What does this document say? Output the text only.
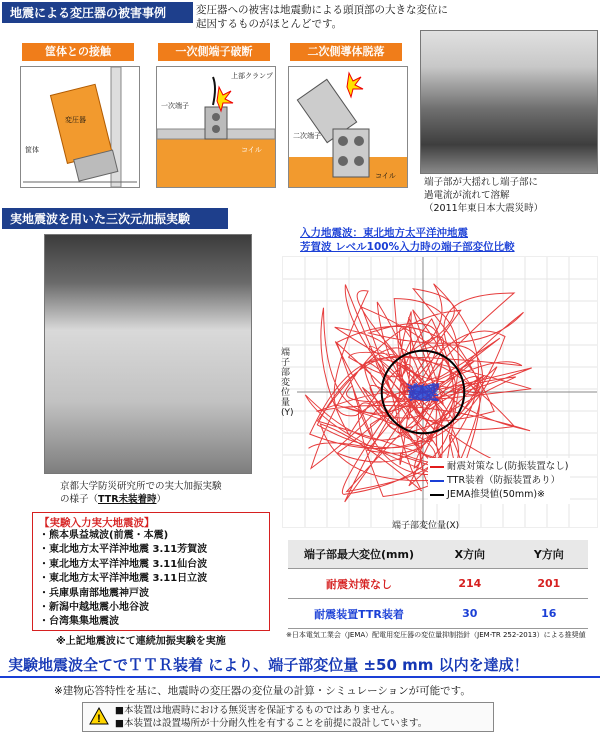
地震による変圧器の被害事例	変圧器への被害は地震動による頭頂部の大きな変位に
起因するものがほとんどです。
筐体との接触	一次側端子破断	二次側導体脱落
変圧器
筐体
上部クランプ
一次端子
コイル
二次端子
コイル
端子部が大揺れし端子部に
過電流が流れて溶解
（2011年東日本大震災時）
実地震波を用いた三次元加振実験
京都大学防災研究所での実大加振実験
の様子（TTR未装着時）
【実験入力実大地震波】
・熊本県益城波(前震・本震)
・東北地方太平洋沖地震 3.11芳賀波
・東北地方太平洋沖地震 3.11仙台波
・東北地方太平洋沖地震 3.11日立波
・兵庫県南部地震神戸波
・新潟中越地震小地谷波
・台湾集集地震波
※上記地震波にて連続加振実験を実施
入力地震波：東北地方太平洋沖地震
芳賀波 レベル100%入力時の端子部変位比較
端子部変位量(Y)
端子部変位量(X)
耐震対策なし(防振装置なし)
TTR装着（防振装置あり）
JEMA推奨値(50mm)※
端子部最大変位(mm)	X方向	Y方向
耐震対策なし	214	201
耐震装置TTR装着	30	16
※日本電気工業会（JEMA）配電用変圧器の変位量抑制指針（JEM-TR 252-2013）による推奨値
実験地震波全てでＴＴＲ装着 により、端子部変位量 ±50 mm 以内を達成！
※建物応答特性を基に、地震時の変圧器の変位量の計算・シミュレーションが可能です。
!
■本装置は地震時における無災害を保証するものではありません。
■本装置は設置場所が十分耐久性を有することを前提に設計しています。
